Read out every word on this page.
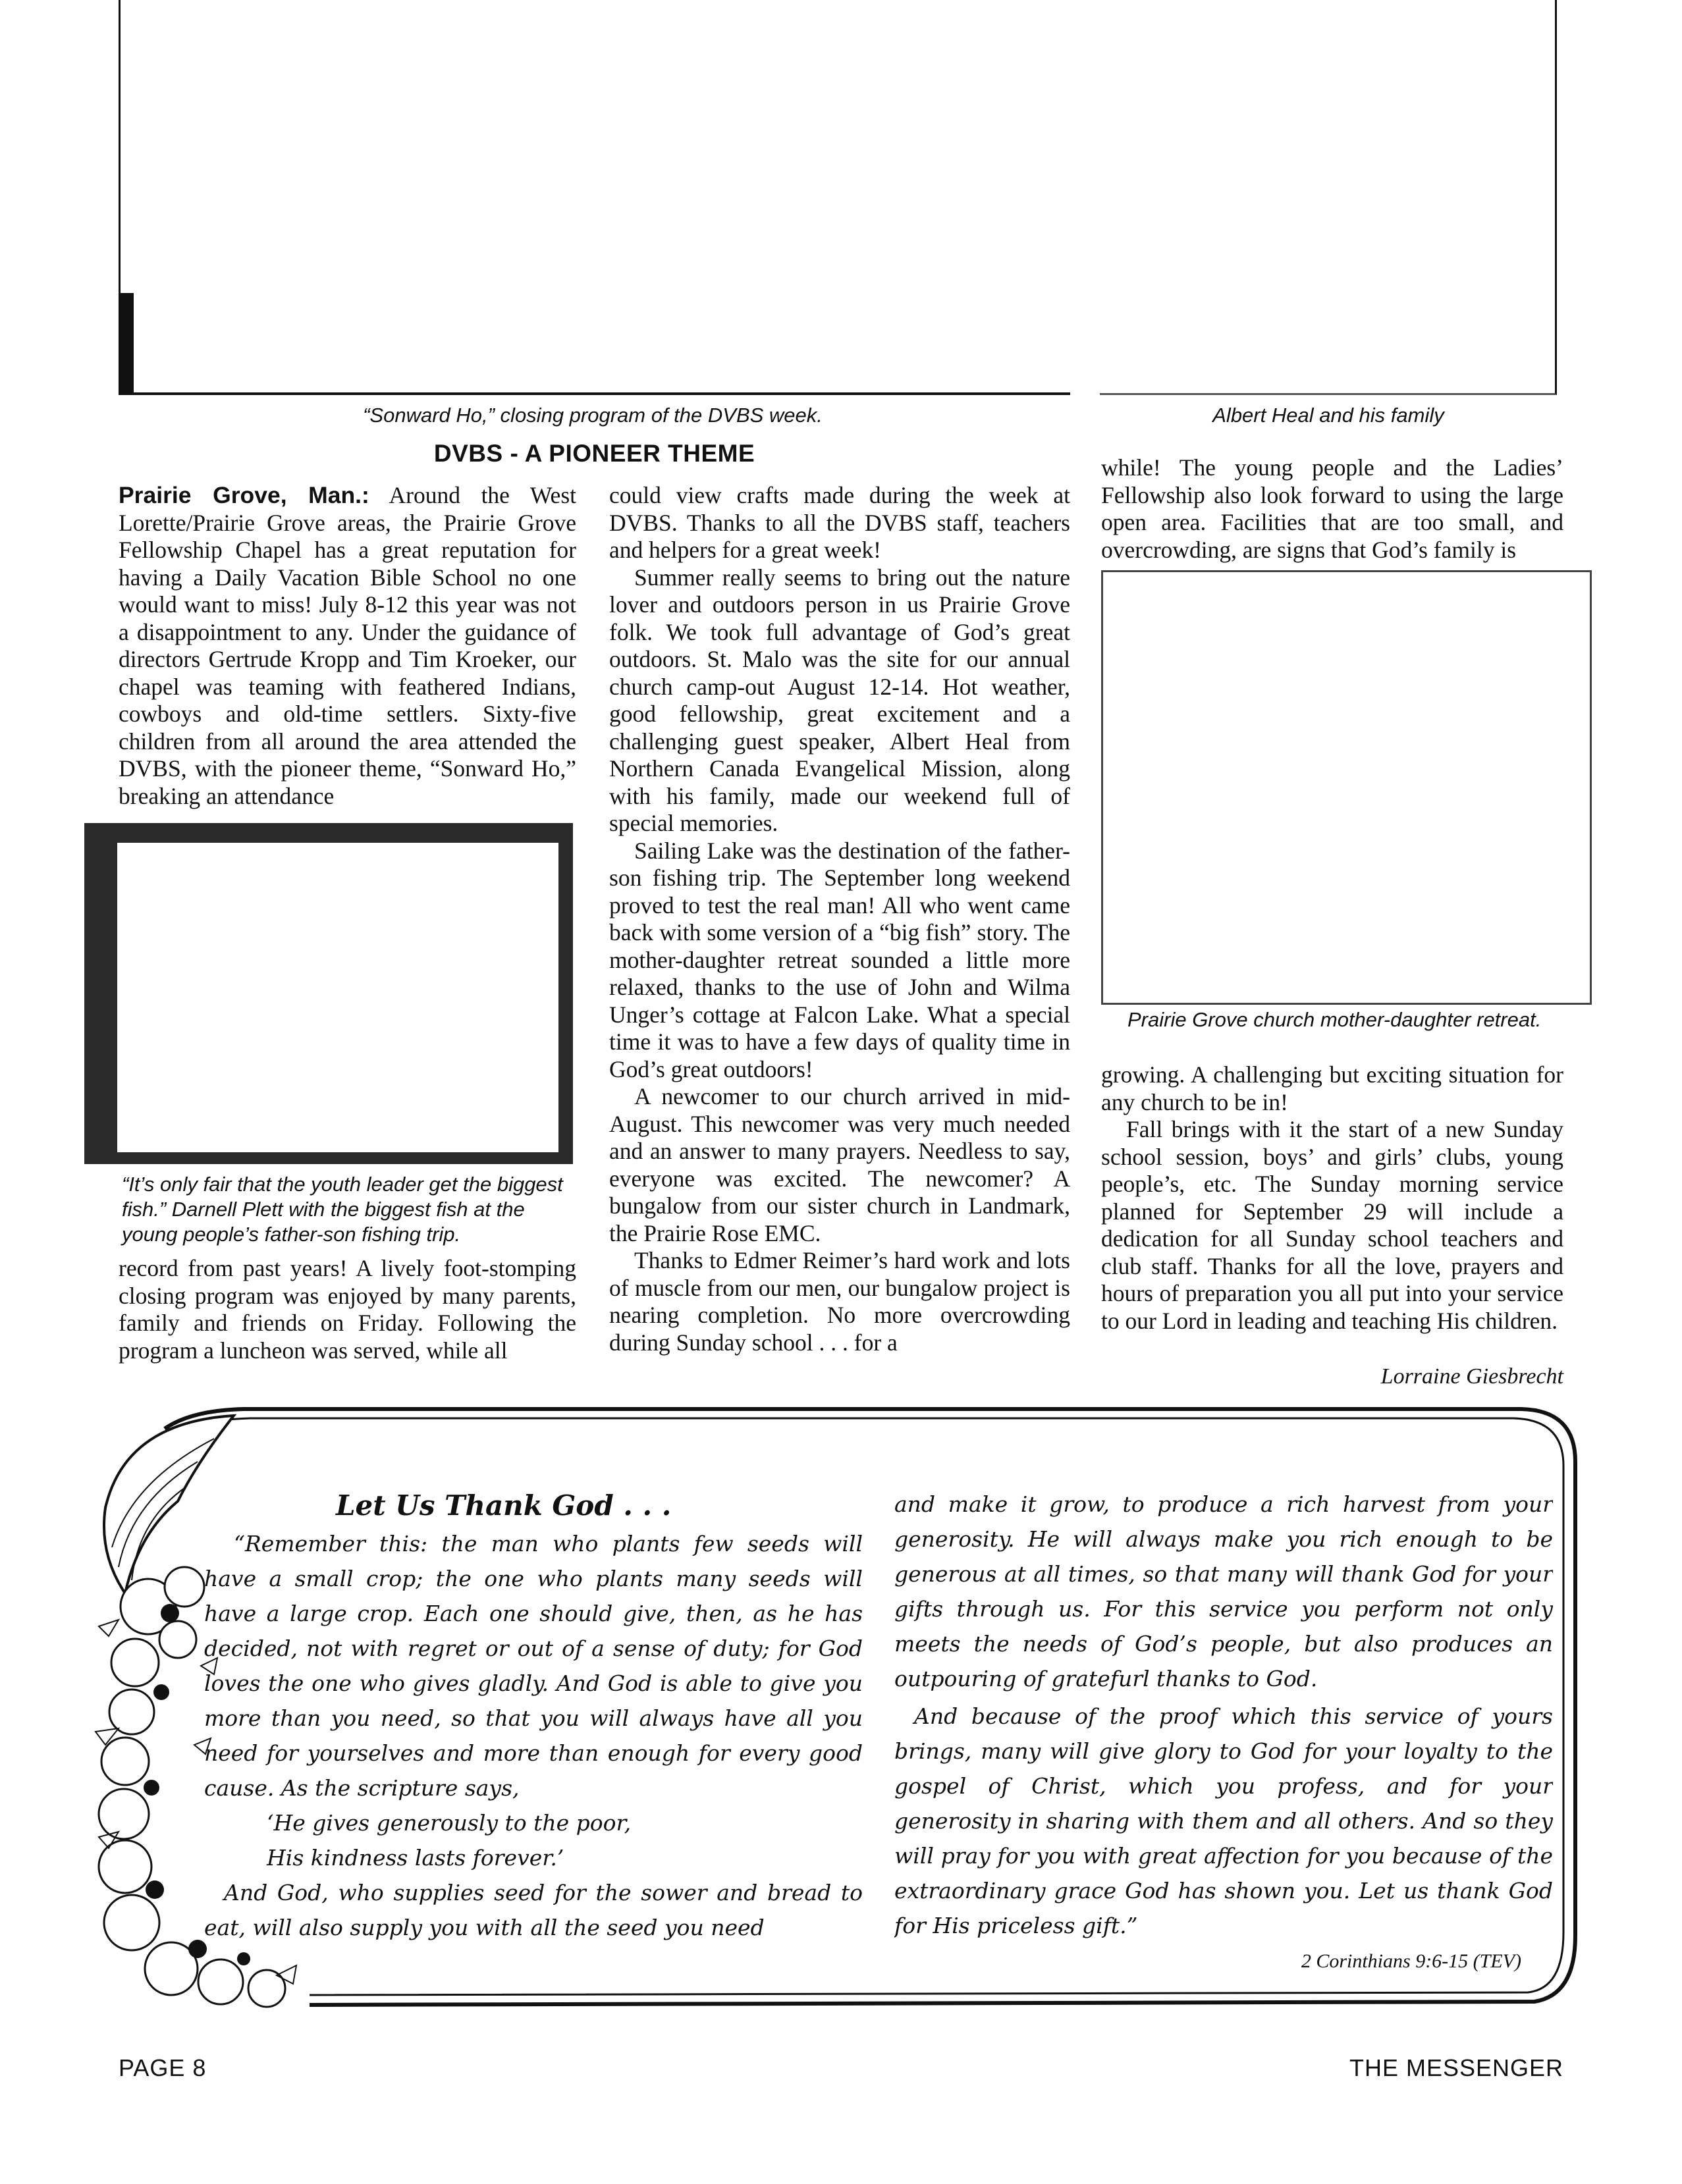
“Sonward Ho,” closing program of the DVBS week.	Albert Heal and his family
DVBS - A PIONEER THEME

Prairie Grove, Man.: Around the West Lorette/Prairie Grove areas, the Prairie Grove Fellowship Chapel has a great reputation for having a Daily Vacation Bible School no one would want to miss! July 8-12 this year was not a disappointment to any. Under the guidance of directors Gertrude Kropp and Tim Kroeker, our chapel was teaming with feathered Indians, cowboys and old-time settlers. Sixty-five children from all around the area attended the DVBS, with the pioneer theme, “Sonward Ho,” breaking an attendance

“It’s only fair that the youth leader get the biggest fish.” Darnell Plett with the biggest fish at the young people’s father-son fishing trip.

record from past years! A lively foot-stomping closing program was enjoyed by many parents, family and friends on Friday. Following the program a luncheon was served, while all

could view crafts made during the week at DVBS. Thanks to all the DVBS staff, teachers and helpers for a great week!

Summer really seems to bring out the nature lover and outdoors person in us Prairie Grove folk. We took full advantage of God’s great outdoors. St. Malo was the site for our annual church camp-out August 12-14. Hot weather, good fellowship, great excitement and a challenging guest speaker, Albert Heal from Northern Canada Evangelical Mission, along with his family, made our weekend full of special memories.

Sailing Lake was the destination of the father-son fishing trip. The September long weekend proved to test the real man! All who went came back with some version of a “big fish” story. The mother-daughter retreat sounded a little more relaxed, thanks to the use of John and Wilma Unger’s cottage at Falcon Lake. What a special time it was to have a few days of quality time in God’s great outdoors!

A newcomer to our church arrived in mid-August. This newcomer was very much needed and an answer to many prayers. Needless to say, everyone was excited. The newcomer? A bungalow from our sister church in Landmark, the Prairie Rose EMC.

Thanks to Edmer Reimer’s hard work and lots of muscle from our men, our bungalow project is nearing completion. No more overcrowding during Sunday school . . . for a

while! The young people and the Ladies’ Fellowship also look forward to using the large open area. Facilities that are too small, and overcrowding, are signs that God’s family is

Prairie Grove church mother-daughter retreat.

growing. A challenging but exciting situation for any church to be in!

Fall brings with it the start of a new Sunday school session, boys’ and girls’ clubs, young people’s, etc. The Sunday morning service planned for September 29 will include a dedication for all Sunday school teachers and club staff. Thanks for all the love, prayers and hours of preparation you all put into your service to our Lord in leading and teaching His children.

Lorraine Giesbrecht
Let Us Thank God . . .

“Remember this: the man who plants few seeds will have a small crop; the one who plants many seeds will have a large crop. Each one should give, then, as he has decided, not with regret or out of a sense of duty; for God loves the one who gives gladly. And God is able to give you more than you need, so that you will always have all you need for yourselves and more than enough for every good cause. As the scripture says,

‘He gives generously to the poor,

His kindness lasts forever.’

And God, who supplies seed for the sower and bread to eat, will also supply you with all the seed you need

and make it grow, to produce a rich harvest from your generosity. He will always make you rich enough to be generous at all times, so that many will thank God for your gifts through us. For this service you perform not only meets the needs of God’s people, but also produces an outpouring of gratefurl thanks to God.

And because of the proof which this service of yours brings, many will give glory to God for your loyalty to the gospel of Christ, which you profess, and for your generosity in sharing with them and all others. And so they will pray for you with great affection for you because of the extraordinary grace God has shown you. Let us thank God for His priceless gift.”

2 Corinthians 9:6-15 (TEV)
PAGE 8	THE MESSENGER
